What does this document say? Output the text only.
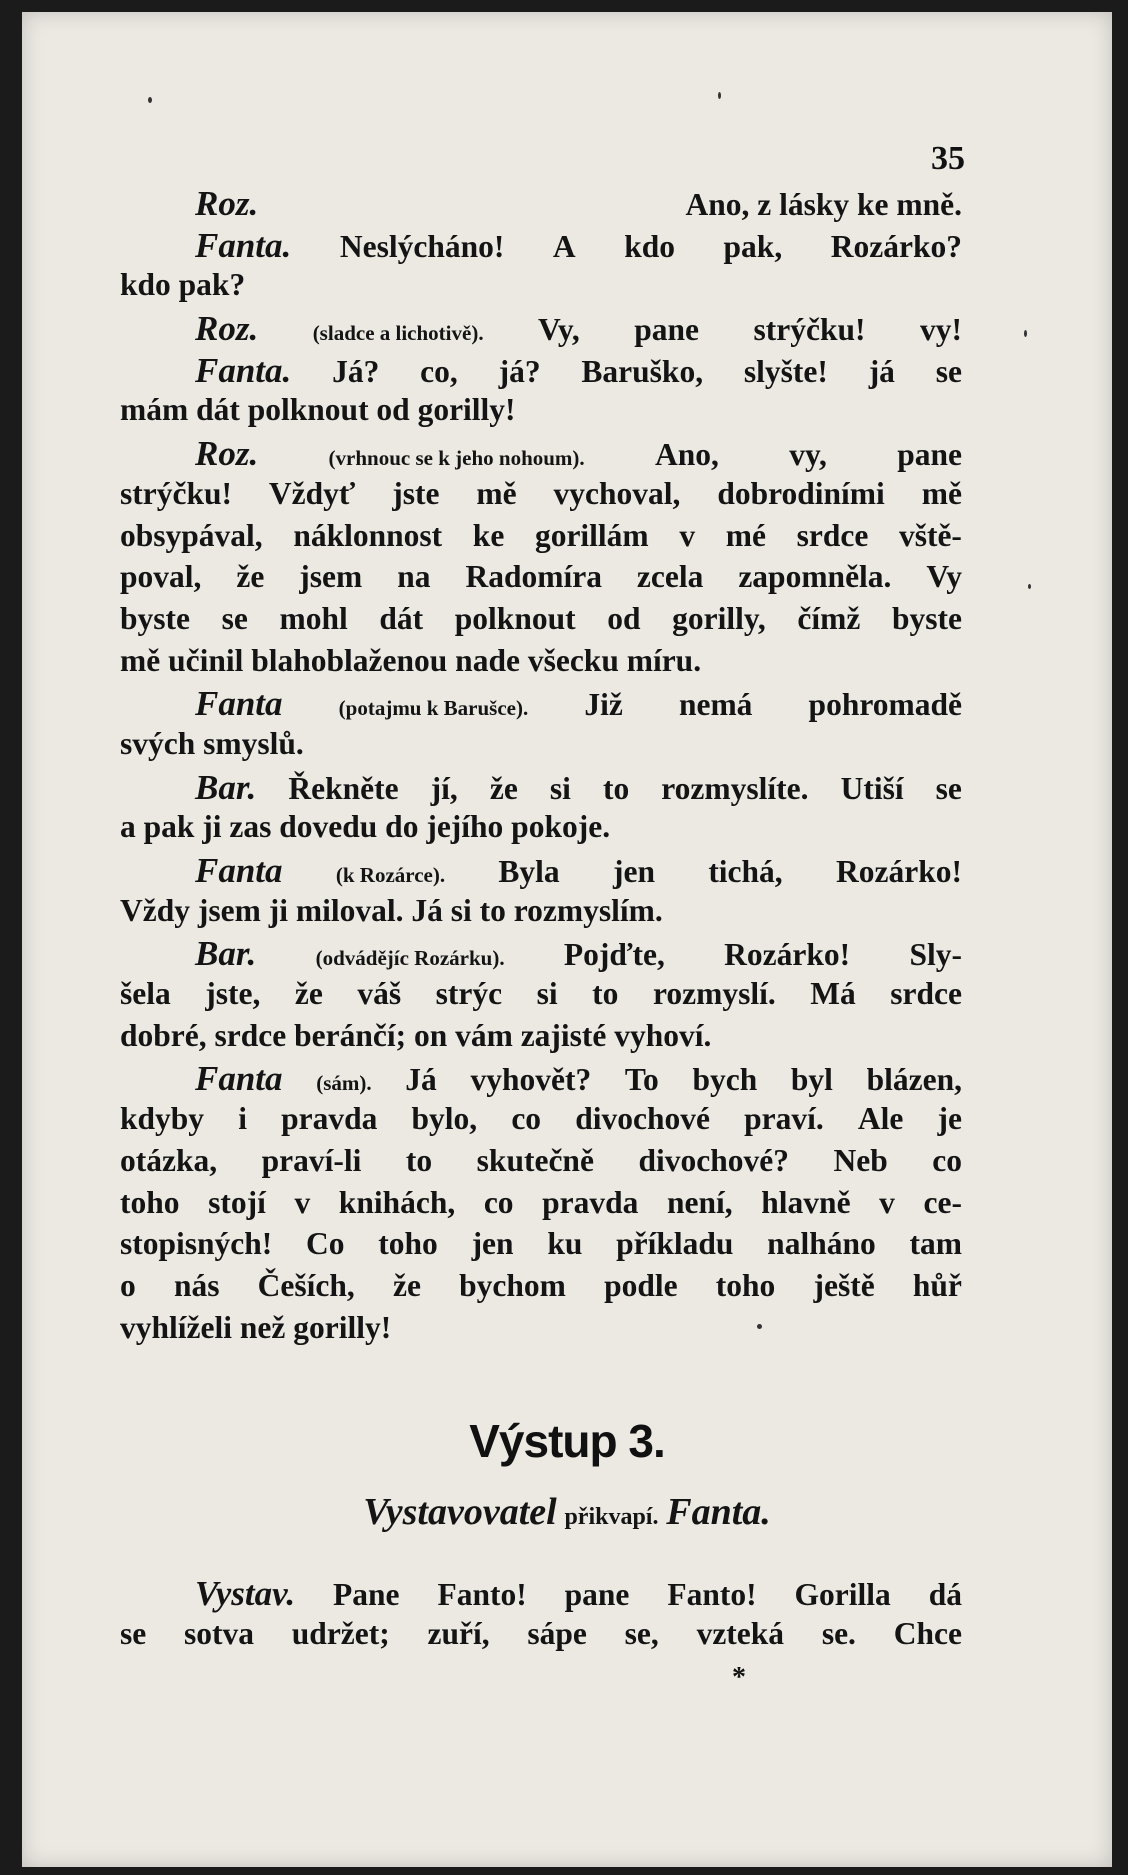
35
Roz.	Ano, z lásky ke mně.
Fanta. Neslýcháno! A kdo pak, Rozárko?
kdo pak?
Roz.	(sladce a lichotivě). Vy, pane strýčku! vy!
Fanta. Já? co, já? Baruško, slyšte! já se
mám dát polknout od gorilly!
Roz.	(vrhnouc se k jeho nohoum). Ano, vy, pane
strýčku! Vždyť jste mě vychoval, dobrodiními mě
obsypával, náklonnost ke gorillám v mé srdce vště-
poval, že jsem na Radomíra zcela zapomněla. Vy
byste se mohl dát polknout od gorilly, čímž byste
mě učinil blahoblaženou nade všecku míru.
Fanta	(potajmu k Barušce). Již nemá pohromadě
svých smyslů.
Bar. Řekněte jí, že si to rozmyslíte. Utiší se
a pak ji zas dovedu do jejího pokoje.
Fanta	(k Rozárce). Byla jen tichá, Rozárko!
Vždy jsem ji miloval. Já si to rozmyslím.
Bar.	(odvádějíc Rozárku). Pojďte, Rozárko! Sly-
šela jste, že váš strýc si to rozmyslí. Má srdce
dobré, srdce beránčí; on vám zajisté vyhoví.
Fanta (sám). Já vyhovět? To bych byl blázen,
kdyby i pravda bylo, co divochové praví. Ale je
otázka, praví-li to skutečně divochové? Neb co
toho stojí v knihách, co pravda není, hlavně v ce-
stopisných! Co toho jen ku příkladu nalháno tam
o nás Češích, že bychom podle toho ještě hůř
vyhlíželi než gorilly!
Výstup 3.
Vystavovatel přikvapí. Fanta.
Vystav. Pane Fanto! pane Fanto! Gorilla dá
se sotva udržet; zuří, sápe se, vzteká se. Chce
*
